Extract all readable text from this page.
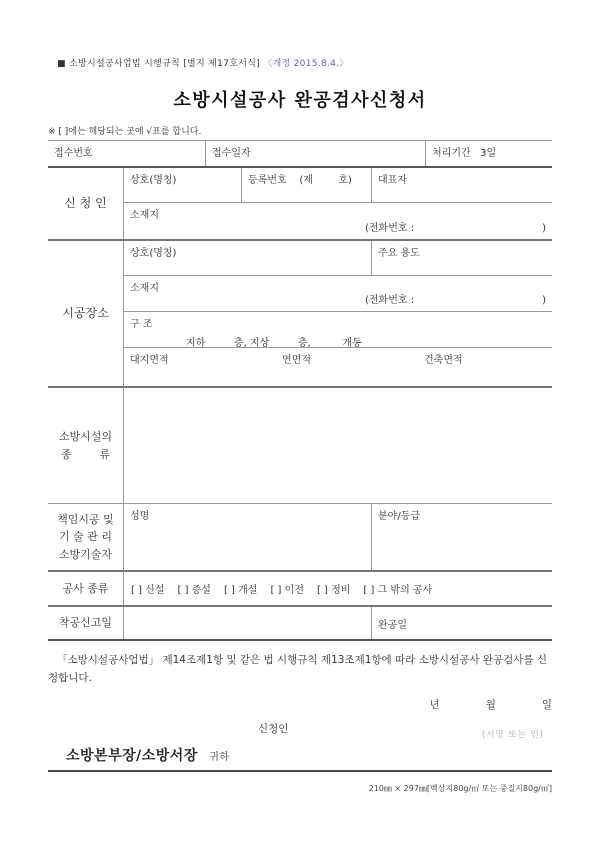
■ 소방시설공사업법 시행규칙 [별지 제17호서식] 〈개정 2015.8.4.〉
소방시설공사 완공검사신청서
※ [ ]에는 해당되는 곳에 √표를 합니다.
접수번호	접수일자	처리기간   3일
신 청 인
상호(명칭)	등록번호    (제        호)	대표자
소재지
(전화번호 :	)
시공장소
상호(명칭)	주요 용도
소재지
(전화번호 :	)
구 조
지하         층, 지상         층,          개동
대지면적	연면적	건축면적
소방시설의
종        류
책임시공 및
기 술 관 리
소방기술자
성명	분야/등급
공사 종류	[ ] 신설 [ ] 증설 [ ] 개설 [ ] 이전 [ ] 정비 [ ] 그 밖의 공사
착공신고일	완공일
「소방시설공사업법」 제14조제1항 및 같은 법 시행규칙 제13조제1항에 따라 소방시설공사 완공검사를 신청합니다.
년	월	일
신청인	(서명 또는 인)
소방본부장/소방서장 귀하
210㎜ × 297㎜[백상지80g/㎡ 또는 중질지80g/㎡]
